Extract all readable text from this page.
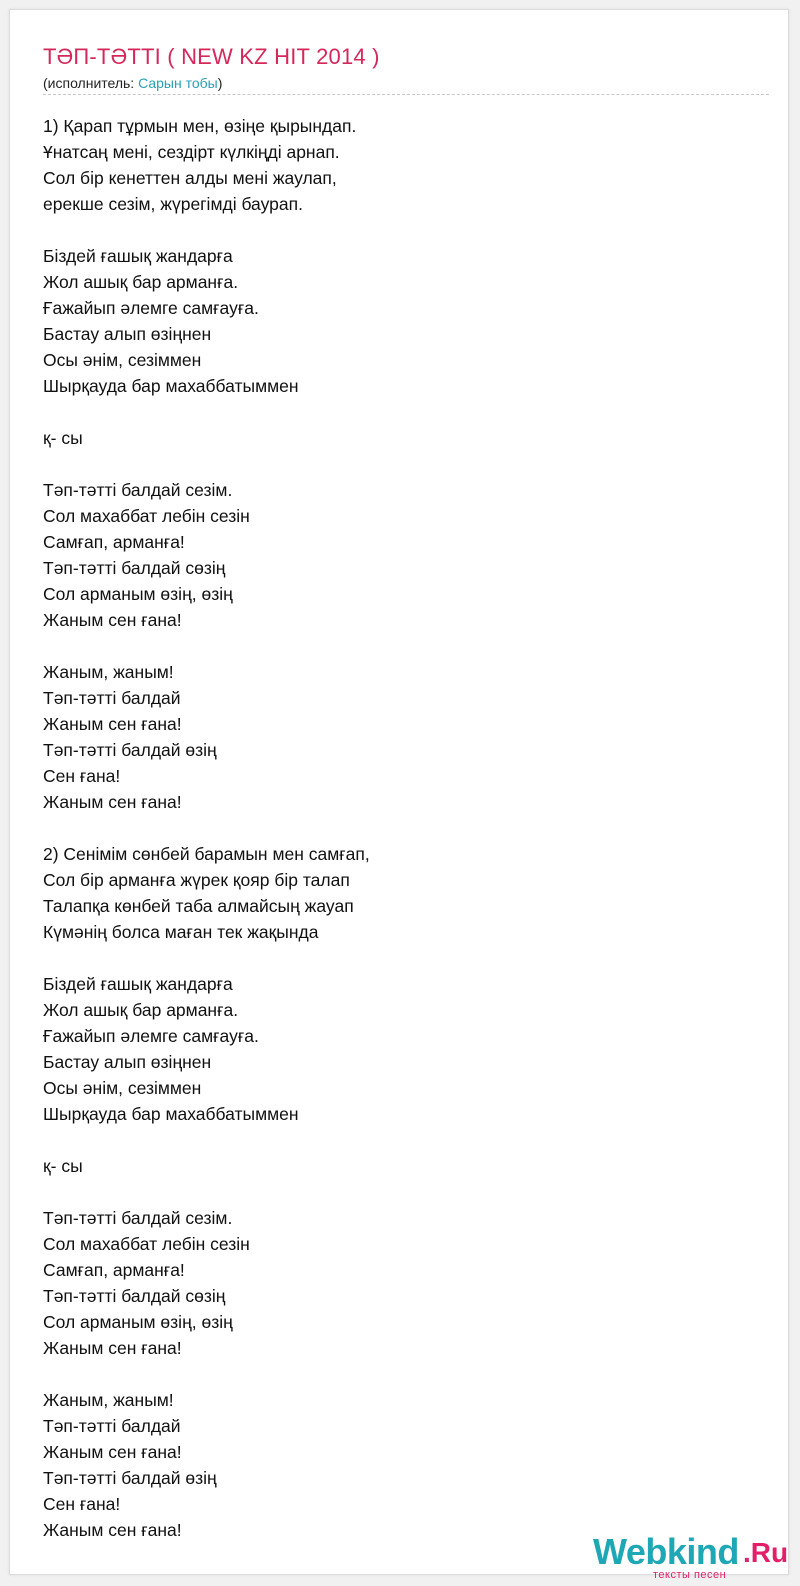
ТӘП-ТӘТТІ ( NEW KZ HIT 2014 )
(исполнитель: Сарын тобы)
1) Қарап тұрмын мен, өзіңе қырындап.
Ұнатсаң мені, сездірт күлкіңді арнап.
Сол бір кенеттен алды мені жаулап,
ерекше сезім, жүрегімді баурап.
Біздей ғашық жандарға
Жол ашық бар арманға.
Ғажайып әлемге самғауға.
Бастау алып өзіңнен
Осы әнім, сезіммен
Шырқауда бар махаббатыммен
қ- сы
Тәп-тәтті балдай сезім.
Сол махаббат лебін сезін
Самғап, арманға!
Тәп-тәтті балдай сөзің
Сол арманым өзің, өзің
Жаным сен ғана!
Жаным, жаным!
Тәп-тәтті балдай
Жаным сен ғана!
Тәп-тәтті балдай өзің
Сен ғана!
Жаным сен ғана!
2) Сенімім сөнбей барамын мен самғап,
Сол бір арманға жүрек қояр бір талап
Талапқа көнбей таба алмайсың жауап
Күмәнің болса маған тек жақында
Біздей ғашық жандарға
Жол ашық бар арманға.
Ғажайып әлемге самғауға.
Бастау алып өзіңнен
Осы әнім, сезіммен
Шырқауда бар махаббатыммен
қ- сы
Тәп-тәтті балдай сезім.
Сол махаббат лебін сезін
Самғап, арманға!
Тәп-тәтті балдай сөзің
Сол арманым өзің, өзің
Жаным сен ғана!
Жаным, жаным!
Тәп-тәтті балдай
Жаным сен ғана!
Тәп-тәтті балдай өзің
Сен ғана!
Жаным сен ғана!
Webkind .Ru
тексты песен
